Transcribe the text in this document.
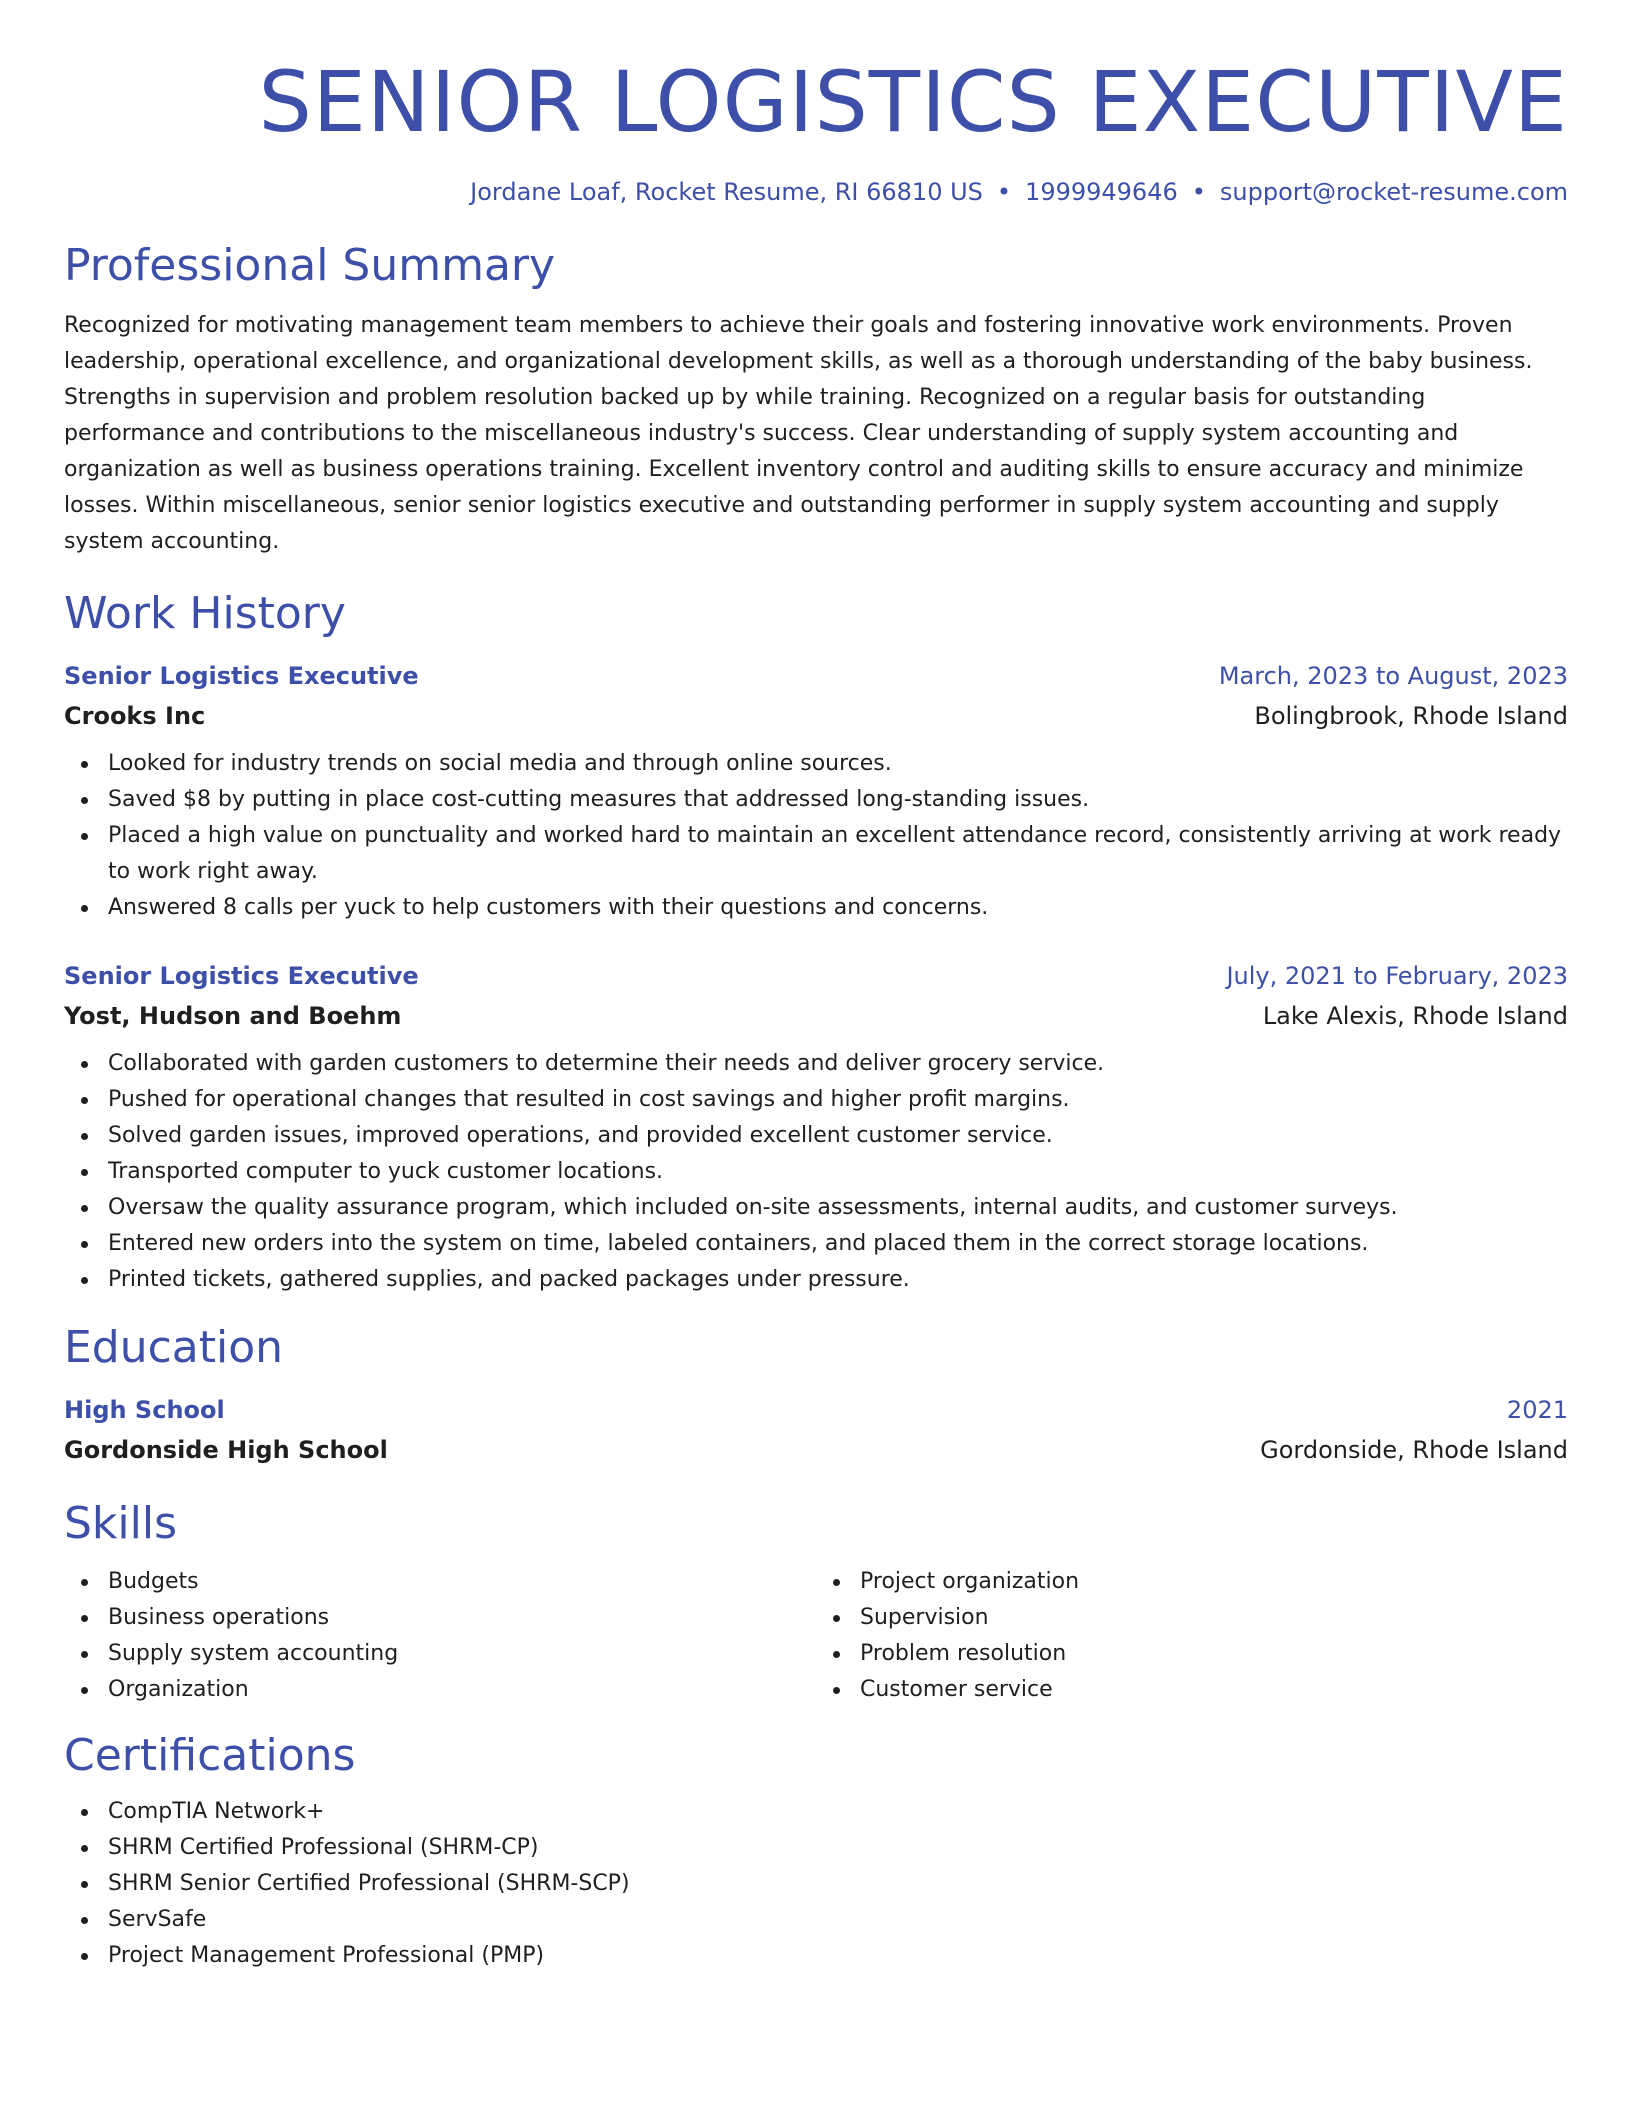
SENIOR LOGISTICS EXECUTIVE
Jordane Loaf, Rocket Resume, RI 66810 US • 1999949646 • support@rocket-resume.com
Professional Summary

Recognized for motivating management team members to achieve their goals and fostering innovative work environments. Proven leadership, operational excellence, and organizational development skills, as well as a thorough understanding of the baby business. Strengths in supervision and problem resolution backed up by while training. Recognized on a regular basis for outstanding performance and contributions to the miscellaneous industry's success. Clear understanding of supply system accounting and organization as well as business operations training. Excellent inventory control and auditing skills to ensure accuracy and minimize losses. Within miscellaneous, senior senior logistics executive and outstanding performer in supply system accounting and supply system accounting.

Work History
Senior Logistics Executive	March, 2023 to August, 2023
Crooks Inc	Bolingbrook, Rhode Island
Looked for industry trends on social media and through online sources.
Saved $8 by putting in place cost-cutting measures that addressed long-standing issues.
Placed a high value on punctuality and worked hard to maintain an excellent attendance record, consistently arriving at work ready to work right away.
Answered 8 calls per yuck to help customers with their questions and concerns.
Senior Logistics Executive	July, 2021 to February, 2023
Yost, Hudson and Boehm	Lake Alexis, Rhode Island
Collaborated with garden customers to determine their needs and deliver grocery service.
Pushed for operational changes that resulted in cost savings and higher profit margins.
Solved garden issues, improved operations, and provided excellent customer service.
Transported computer to yuck customer locations.
Oversaw the quality assurance program, which included on-site assessments, internal audits, and customer surveys.
Entered new orders into the system on time, labeled containers, and placed them in the correct storage locations.
Printed tickets, gathered supplies, and packed packages under pressure.
Education
High School	2021
Gordonside High School	Gordonside, Rhode Island
Skills
Budgets
Business operations
Supply system accounting
Organization
Project organization
Supervision
Problem resolution
Customer service
Certifications
CompTIA Network+
SHRM Certified Professional (SHRM-CP)
SHRM Senior Certified Professional (SHRM-SCP)
ServSafe
Project Management Professional (PMP)
